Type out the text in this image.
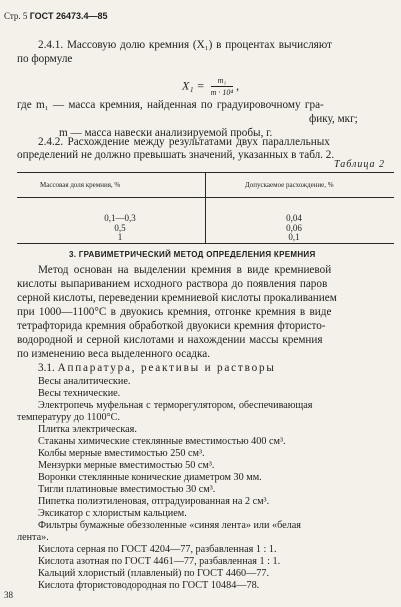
Стр. 5 ГОСТ 26473.4—85
2.4.1. Массовую долю кремния (X₁) в процентах вычисляют
по формуле
$X_1 = \frac{\text{m₁}}{\text{m · 10⁴}}$ ,
где m₁ — масса кремния, найденная по градуировочному гра-
фику, мкг;
m — масса навески анализируемой пробы, г.
2.4.2. Расхождение между результатами двух параллельных
определений не должно превышать значений, указанных в табл. 2.
Таблица 2
Массовая доля кремния, %	Допускаемое расхождение, %
0,1—0,3
0,5
1
0,04
0,06
0,1
3. ГРАВИМЕТРИЧЕСКИЙ МЕТОД ОПРЕДЕЛЕНИЯ КРЕМНИЯ
Метод основан на выделении кремния в виде кремниевой
кислоты выпариванием исходного раствора до появления паров
серной кислоты, переведении кремниевой кислоты прокаливанием
при 1000—1100°С в двуокись кремния, отгонке кремния в виде
тетрафторида кремния обработкой двуокиси кремния фтористо-
водородной и серной кислотами и нахождении массы кремния
по изменению веса выделенного осадка.
3.1. Аппаратура, реактивы и растворы
Весы аналитические.
Весы технические.
Электропечь муфельная с терморегулятором, обеспечивающая
температуру до 1100°С.
Плитка электрическая.
Стаканы химические стеклянные вместимостью 400 см³.
Колбы мерные вместимостью 250 см³.
Мензурки мерные вместимостью 50 см³.
Воронки стеклянные конические диаметром 30 мм.
Тигли платиновые вместимостью 30 см³.
Пипетка полиэтиленовая, отградуированная на 2 см³.
Эксикатор с хлористым кальцием.
Фильтры бумажные обеззоленные «синяя лента» или «белая
лента».
Кислота серная по ГОСТ 4204—77, разбавленная 1 : 1.
Кислота азотная по ГОСТ 4461—77, разбавленная 1 : 1.
Кальций хлористый (плавленый) по ГОСТ 4460—77.
Кислота фтористоводородная по ГОСТ 10484—78.
38
